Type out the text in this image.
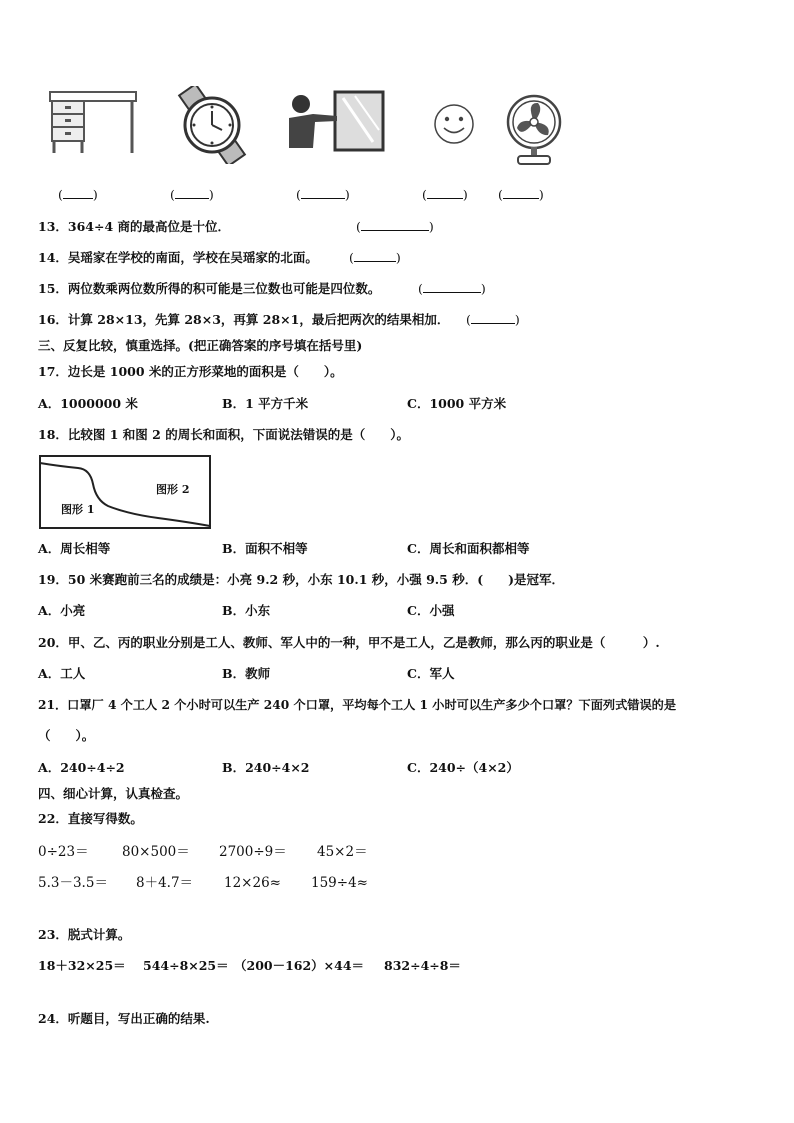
( )	(	)	(	)	(	) (	)
13．364÷4 商的最高位是十位．	(	)
14．吴瑶家在学校的南面，学校在吴瑶家的北面。 (	)
15．两位数乘两位数所得的积可能是三位数也可能是四位数。	(	)
16．计算 28×13，先算 28×3，再算 28×1，最后把两次的结果相加． (	)
三、反复比较，慎重选择。(把正确答案的序号填在括号里)
17．边长是 1000 米的正方形菜地的面积是（　　）。
A．1000000 米	B．1 平方千米	C．1000 平方米
18．比较图 1 和图 2 的周长和面积，下面说法错误的是（　　）。
图形 1
图形 2
A．周长相等	B．面积不相等	C．周长和面积都相等
19．50 米赛跑前三名的成绩是：小亮 9.2 秒，小东 10.1 秒，小强 9.5 秒．(　　)是冠军．
A．小亮	B．小东	C．小强
20．甲、乙、丙的职业分别是工人、教师、军人中的一种，甲不是工人，乙是教师，那么丙的职业是（　　　）.
A．工人	B．教师	C．军人
21．口罩厂 4 个工人 2 个小时可以生产 240 个口罩，平均每个工人 1 小时可以生产多少个口罩？下面列式错误的是
（　　）。
A．240÷4÷2	B．240÷4×2	C．240÷（4×2）
四、细心计算，认真检查。
22．直接写得数。
0÷23＝ 80×500＝ 2700÷9＝ 45×2＝
5.3－3.5＝ 8＋4.7＝ 12×26≈ 159÷4≈
23．脱式计算。
18＋32×25＝ 544÷8×25＝ （200－162）×44＝ 832÷4÷8＝
24．听题目，写出正确的结果.
